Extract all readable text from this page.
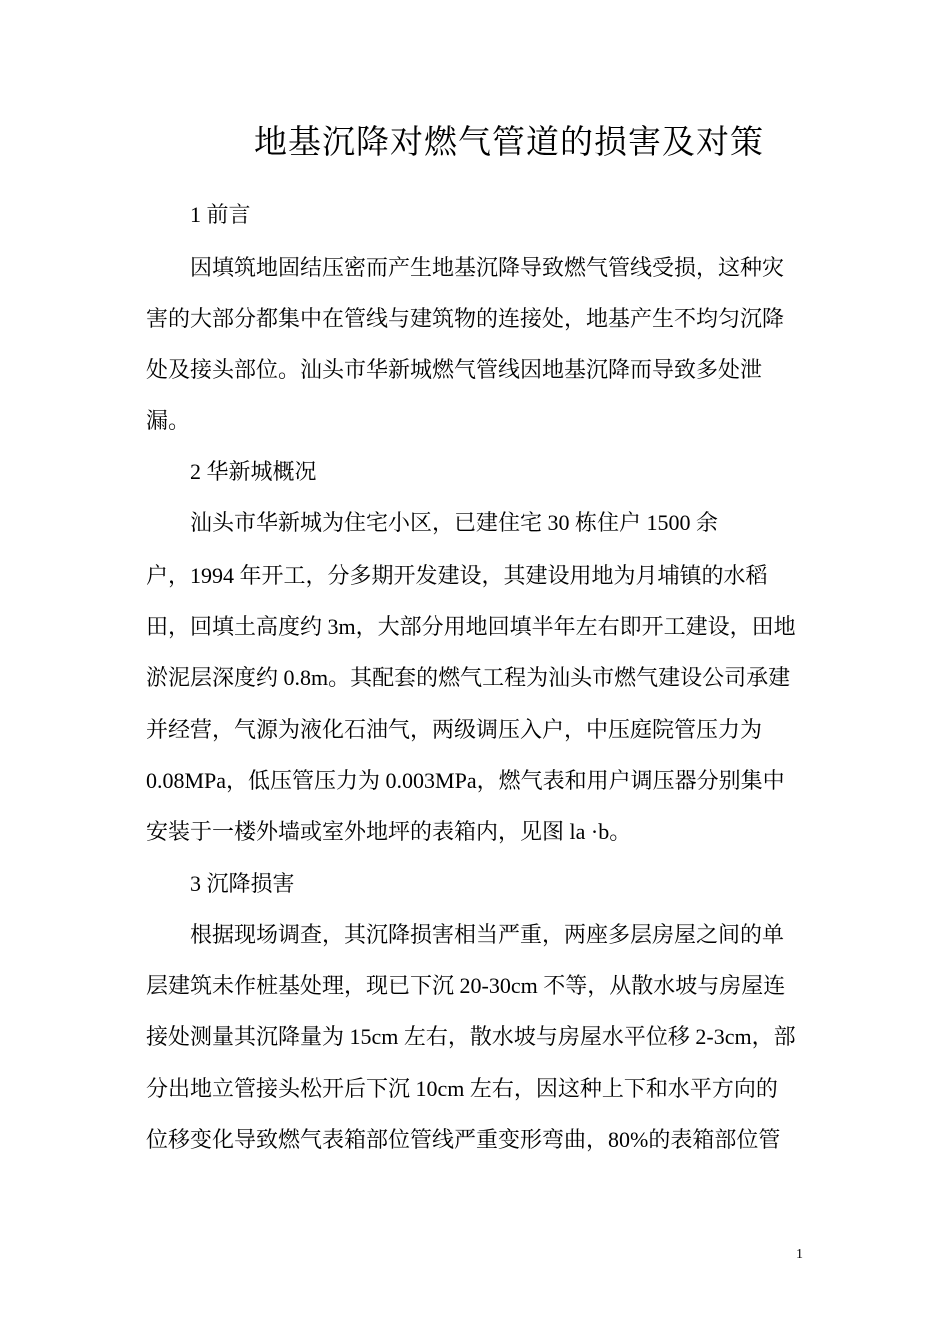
地基沉降对燃气管道的损害及对策

1 前言

因填筑地固结压密而产生地基沉降导致燃气管线受损，这种灾

害的大部分都集中在管线与建筑物的连接处，地基产生不均匀沉降

处及接头部位。汕头市华新城燃气管线因地基沉降而导致多处泄

漏。

2 华新城概况

汕头市华新城为住宅小区，已建住宅 30 栋住户 1500 余

户，1994 年开工，分多期开发建设，其建设用地为月埔镇的水稻

田，回填土高度约 3m，大部分用地回填半年左右即开工建设，田地

淤泥层深度约 0.8m。其配套的燃气工程为汕头市燃气建设公司承建

并经营，气源为液化石油气，两级调压入户，中压庭院管压力为

0.08MPa，低压管压力为 0.003MPa，燃气表和用户调压器分别集中

安装于一楼外墙或室外地坪的表箱内，见图 la ·b。

3 沉降损害

根据现场调查，其沉降损害相当严重，两座多层房屋之间的单

层建筑未作桩基处理，现已下沉 20-30cm 不等，从散水坡与房屋连

接处测量其沉降量为 15cm 左右，散水坡与房屋水平位移 2-3cm，部

分出地立管接头松开后下沉 10cm 左右，因这种上下和水平方向的

位移变化导致燃气表箱部位管线严重变形弯曲，80%的表箱部位管

1
